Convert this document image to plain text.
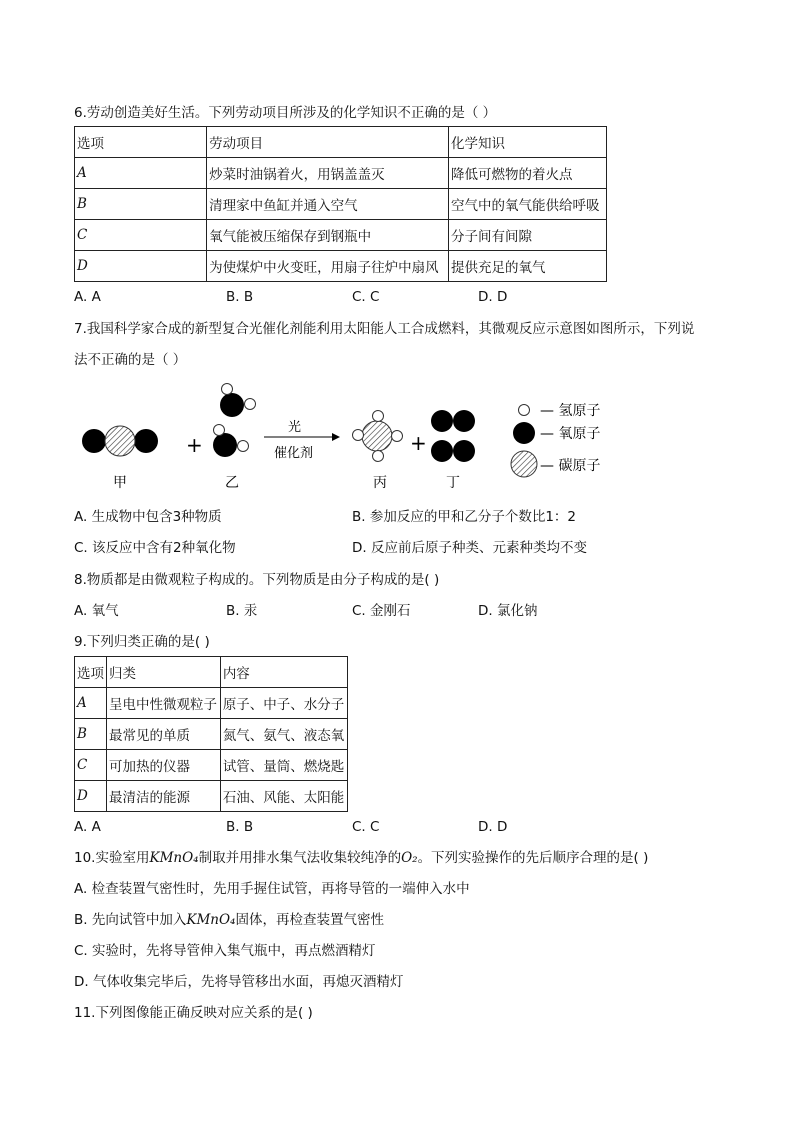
6.劳动创造美好生活。下列劳动项目所涉及的化学知识不正确的是（ ）
选项	劳动项目	化学知识
A	炒菜时油锅着火，用锅盖盖灭	降低可燃物的着火点
B	清理家中鱼缸并通入空气	空气中的氧气能供给呼吸
C	氧气能被压缩保存到钢瓶中	分子间有间隙
D	为使煤炉中火变旺，用扇子往炉中扇风	提供充足的氧气
A. A	B. B	C. C	D. D
7.我国科学家合成的新型复合光催化剂能利用太阳能人工合成燃料，其微观反应示意图如图所示，下列说
法不正确的是（ ）
+
光
催化剂	+
甲	乙	丙	丁
— 氢原子
— 氧原子
— 碳原子
A. 生成物中包含3种物质	B. 参加反应的甲和乙分子个数比1：2
C. 该反应中含有2种氧化物	D. 反应前后原子种类、元素种类均不变
8.物质都是由微观粒子构成的。下列物质是由分子构成的是( )
A. 氧气	B. 汞	C. 金刚石	D. 氯化钠
9.下列归类正确的是( )
选项	归类	内容
A	呈电中性微观粒子	原子、中子、水分子
B	最常见的单质	氮气、氨气、液态氧
C	可加热的仪器	试管、量筒、燃烧匙
D	最清洁的能源	石油、风能、太阳能
A. A	B. B	C. C	D. D
10.实验室用KMnO₄制取并用排水集气法收集较纯净的O₂。下列实验操作的先后顺序合理的是( )
A. 检查装置气密性时，先用手握住试管，再将导管的一端伸入水中
B. 先向试管中加入KMnO₄固体，再检查装置气密性
C. 实验时，先将导管伸入集气瓶中，再点燃酒精灯
D. 气体收集完毕后，先将导管移出水面，再熄灭酒精灯
11.下列图像能正确反映对应关系的是( )
